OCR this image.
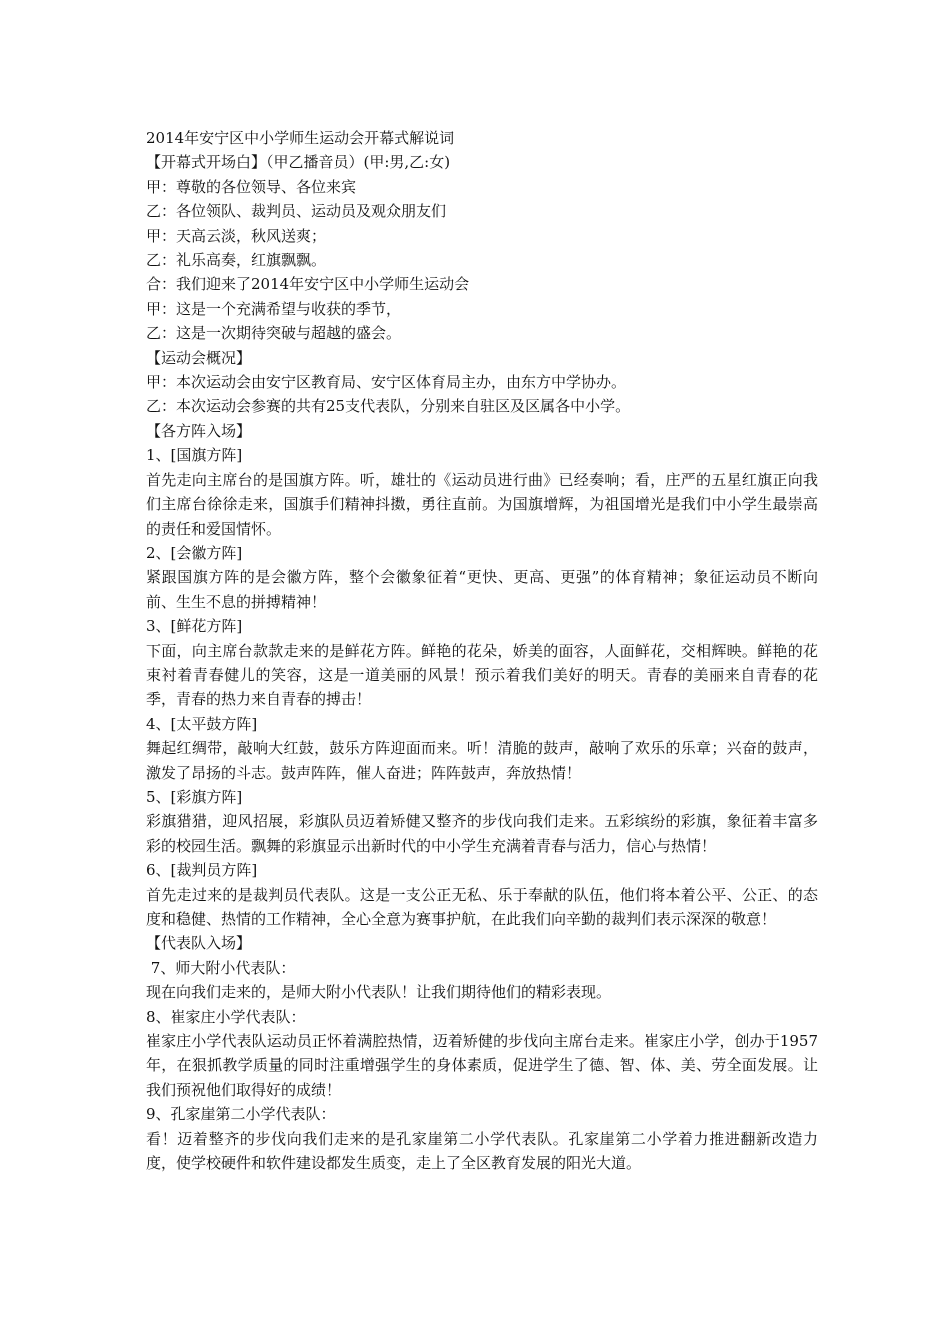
2014年安宁区中小学师生运动会开幕式解说词

【开幕式开场白】（甲乙播音员）(甲:男,乙:女)

甲：尊敬的各位领导、各位来宾

乙：各位领队、裁判员、运动员及观众朋友们

甲：天高云淡，秋风送爽；

乙：礼乐高奏，红旗飘飘。

合：我们迎来了2014年安宁区中小学师生运动会

甲：这是一个充满希望与收获的季节，

乙：这是一次期待突破与超越的盛会。

【运动会概况】

甲：本次运动会由安宁区教育局、安宁区体育局主办，由东方中学协办。

乙：本次运动会参赛的共有25支代表队，分别来自驻区及区属各中小学。

【各方阵入场】

1、[国旗方阵]

首先走向主席台的是国旗方阵。听，雄壮的《运动员进行曲》已经奏响；看，庄严的五星红旗正向我们主席台徐徐走来，国旗手们精神抖擞，勇往直前。为国旗增辉，为祖国增光是我们中小学生最崇高的责任和爱国情怀。

2、[会徽方阵]

紧跟国旗方阵的是会徽方阵，整个会徽象征着“更快、更高、更强”的体育精神；象征运动员不断向前、生生不息的拼搏精神！

3、[鲜花方阵]

下面，向主席台款款走来的是鲜花方阵。鲜艳的花朵，娇美的面容，人面鲜花，交相辉映。鲜艳的花束衬着青春健儿的笑容，这是一道美丽的风景！预示着我们美好的明天。青春的美丽来自青春的花季，青春的热力来自青春的搏击！

4、[太平鼓方阵]

舞起红绸带，敲响大红鼓，鼓乐方阵迎面而来。听！清脆的鼓声，敲响了欢乐的乐章；兴奋的鼓声，激发了昂扬的斗志。鼓声阵阵，催人奋进；阵阵鼓声，奔放热情！

5、[彩旗方阵]

彩旗猎猎，迎风招展，彩旗队员迈着矫健又整齐的步伐向我们走来。五彩缤纷的彩旗，象征着丰富多彩的校园生活。飘舞的彩旗显示出新时代的中小学生充满着青春与活力，信心与热情！

6、[裁判员方阵]

首先走过来的是裁判员代表队。这是一支公正无私、乐于奉献的队伍，他们将本着公平、公正、的态度和稳健、热情的工作精神，全心全意为赛事护航，在此我们向辛勤的裁判们表示深深的敬意！

【代表队入场】

7、师大附小代表队：

现在向我们走来的，是师大附小代表队！让我们期待他们的精彩表现。

8、崔家庄小学代表队：

崔家庄小学代表队运动员正怀着满腔热情，迈着矫健的步伐向主席台走来。崔家庄小学，创办于1957年，在狠抓教学质量的同时注重增强学生的身体素质，促进学生了德、智、体、美、劳全面发展。让我们预祝他们取得好的成绩！

9、孔家崖第二小学代表队：

看！迈着整齐的步伐向我们走来的是孔家崖第二小学代表队。孔家崖第二小学着力推进翻新改造力度，使学校硬件和软件建设都发生质变，走上了全区教育发展的阳光大道。
